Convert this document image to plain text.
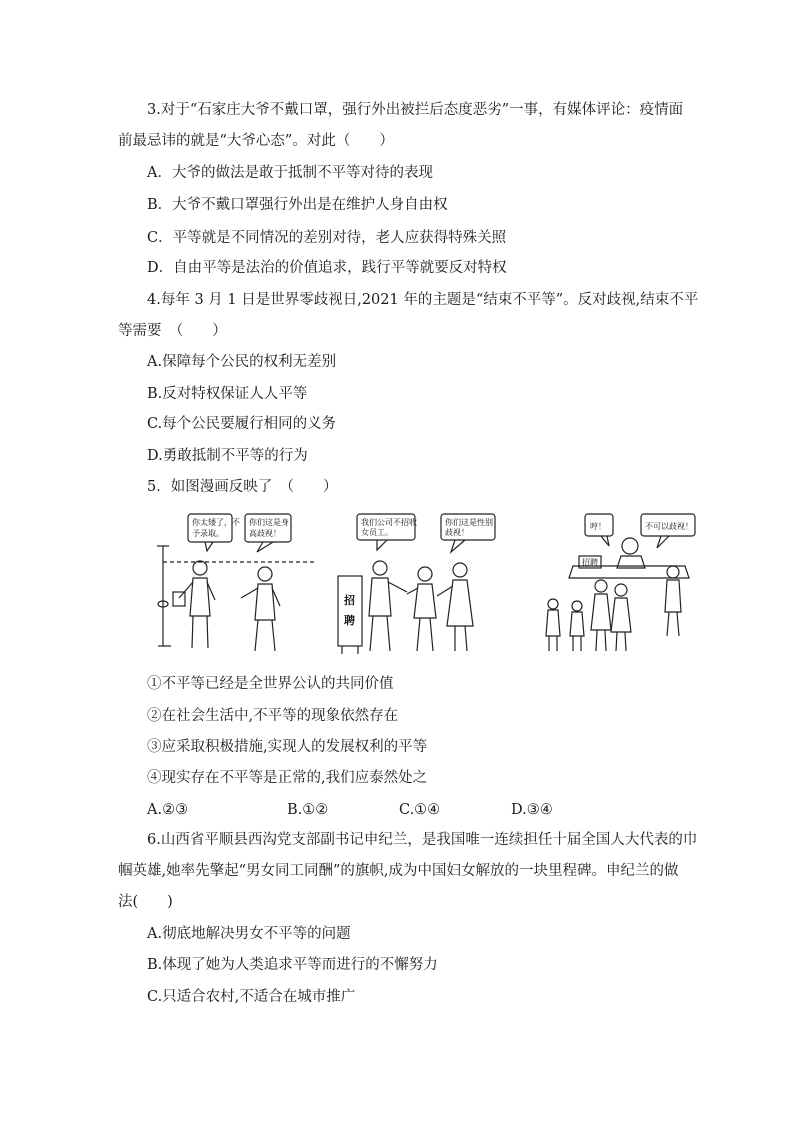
3.对于“石家庄大爷不戴口罩，强行外出被拦后态度恶劣”一事，有媒体评论：疫情面
前最忌讳的就是“大爷心态”。对此（　　）
A．大爷的做法是敢于抵制不平等对待的表现
B．大爷不戴口罩强行外出是在维护人身自由权
C．平等就是不同情况的差别对待，老人应获得特殊关照
D．自由平等是法治的价值追求，践行平等就要反对特权
4.每年 3 月 1 日是世界零歧视日,2021 年的主题是“结束不平等”。反对歧视,结束不平
等需要　（　　）
A.保障每个公民的权利无差别
B.反对特权保证人人平等
C.每个公民要履行相同的义务
D.勇敢抵制不平等的行为
5．如图漫画反映了　（　　）
你太矮了，不
予录取。
你们这是身
高歧视！
我们公司不招收
女员工。
你们这是性别
歧视！
招
聘
哼！	不可以歧视！
招聘
①不平等已经是全世界公认的共同价值
②在社会生活中,不平等的现象依然存在
③应采取积极措施,实现人的发展权利的平等
④现实存在不平等是正常的,我们应泰然处之
A.②③	B.①②	C.①④	D.③④
6.山西省平顺县西沟党支部副书记申纪兰，是我国唯一连续担任十届全国人大代表的巾
帼英雄,她率先擎起“男女同工同酬”的旗帜,成为中国妇女解放的一块里程碑。申纪兰的做
法(　　)
A.彻底地解决男女不平等的问题
B.体现了她为人类追求平等而进行的不懈努力
C.只适合农村,不适合在城市推广
